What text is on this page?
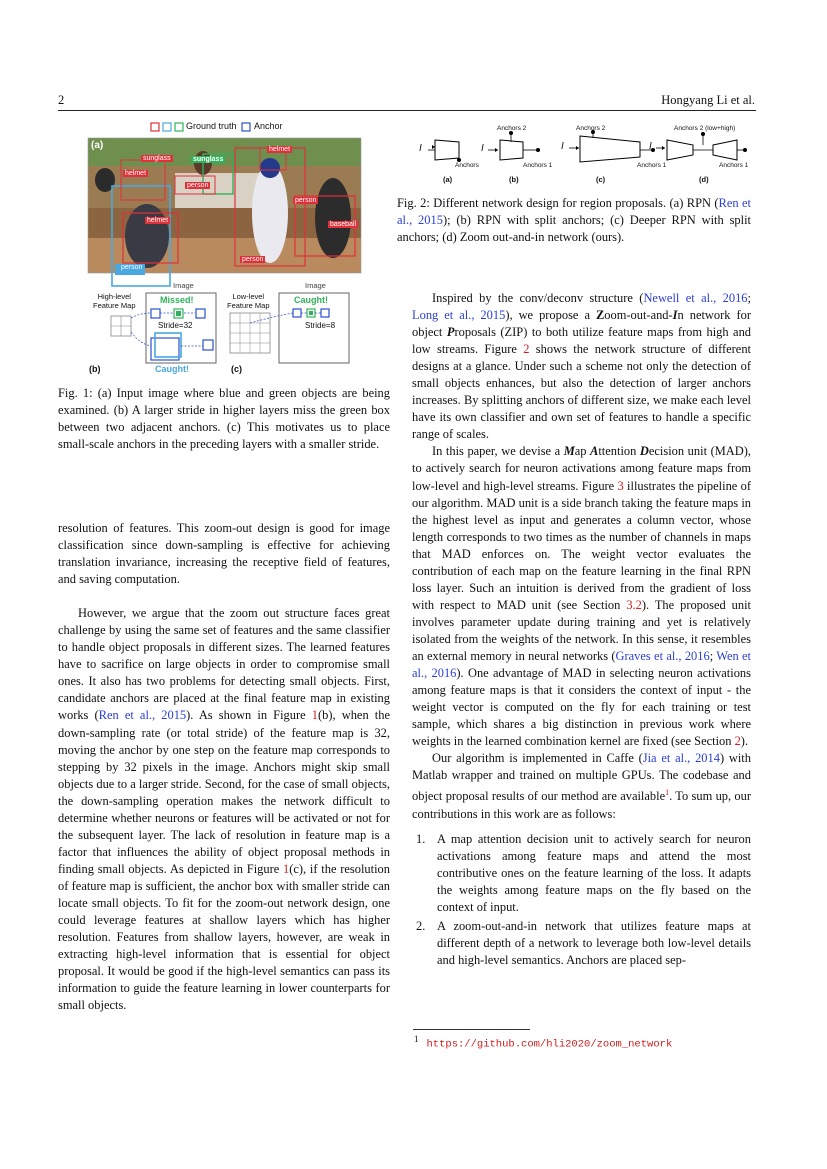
2	Hongyang Li et al.
Ground truth Anchor
(a)
sunglass	sunglass
helmet
helmet
helmet
person
person
person
person
baseball
Image
High-level
Feature Map
Missed!
Stride=32
Caught!
(b)
Image
Low-level
Feature Map
Caught!
Stride=8
(c)
Fig. 1: (a) Input image where blue and green objects are being examined. (b) A larger stride in higher layers miss the green box between two adjacent anchors. (c) This motivates us to place small-scale anchors in the preceding layers with a smaller stride.
I	I	I	I
Anchors
Anchors 2
Anchors 1
Anchors 2
Anchors 1
Anchors 2 (low+high)
Anchors 1
(a)	(b)	(c)	(d)
Fig. 2: Different network design for region proposals. (a) RPN (Ren et al., 2015); (b) RPN with split anchors; (c) Deeper RPN with split anchors; (d) Zoom out-and-in network (ours).

resolution of features. This zoom-out design is good for image classification since down-sampling is effective for achieving translation invariance, increasing the receptive field of features, and saving computation.

However, we argue that the zoom out structure faces great challenge by using the same set of features and the same classifier to handle object proposals in different sizes. The learned features have to sacrifice on large objects in order to compromise small ones. It also has two problems for detecting small objects. First, candidate anchors are placed at the final feature map in existing works (Ren et al., 2015). As shown in Figure 1(b), when the down-sampling rate (or total stride) of the feature map is 32, moving the anchor by one step on the feature map corresponds to stepping by 32 pixels in the image. Anchors might skip small objects due to a larger stride. Second, for the case of small objects, the down-sampling operation makes the network difficult to determine whether neurons or features will be activated or not for the subsequent layer. The lack of resolution in feature map is a factor that influences the ability of object proposal methods in finding small objects. As depicted in Figure 1(c), if the resolution of feature map is sufficient, the anchor box with smaller stride can locate small objects. To fit for the zoom-out network design, one could leverage features at shallow layers which has higher resolution. Features from shallow layers, however, are weak in extracting high-level information that is essential for object proposal. It would be good if the high-level semantics can pass its information to guide the feature learning in lower counterparts for small objects.

Inspired by the conv/deconv structure (Newell et al., 2016; Long et al., 2015), we propose a Zoom-out-and-In network for object Proposals (ZIP) to both utilize feature maps from high and low streams. Figure 2 shows the network structure of different designs at a glance. Under such a scheme not only the detection of small objects enhances, but also the detection of larger anchors increases. By splitting anchors of different size, we make each level have its own classifier and own set of features to handle a specific range of scales.

In this paper, we devise a Map Attention Decision unit (MAD), to actively search for neuron activations among feature maps from low-level and high-level streams. Figure 3 illustrates the pipeline of our algorithm. MAD unit is a side branch taking the feature maps in the highest level as input and generates a column vector, whose length corresponds to two times as the number of channels in maps that MAD enforces on. The weight vector evaluates the contribution of each map on the feature learning in the final RPN loss layer. Such an intuition is derived from the gradient of loss with respect to MAD unit (see Section 3.2). The proposed unit involves parameter update during training and yet is relatively isolated from the weights of the network. In this sense, it resembles an external memory in neural networks (Graves et al., 2016; Wen et al., 2016). One advantage of MAD in selecting neuron activations among feature maps is that it considers the context of input - the weight vector is computed on the fly for each training or test sample, which shares a big distinction in previous work where weights in the learned combination kernel are fixed (see Section 2).

Our algorithm is implemented in Caffe (Jia et al., 2014) with Matlab wrapper and trained on multiple GPUs. The codebase and object proposal results of our method are available$^1$. To sum up, our contributions in this work are as follows:

1. A map attention decision unit to actively search for neuron activations among feature maps and attend the most contributive ones on the feature learning of the loss. It adapts the weights among feature maps on the fly based on the context of input.
2. A zoom-out-and-in network that utilizes feature maps at different depth of a network to leverage both low-level details and high-level semantics. Anchors are placed sep-
$^1$ https://github.com/hli2020/zoom_network
